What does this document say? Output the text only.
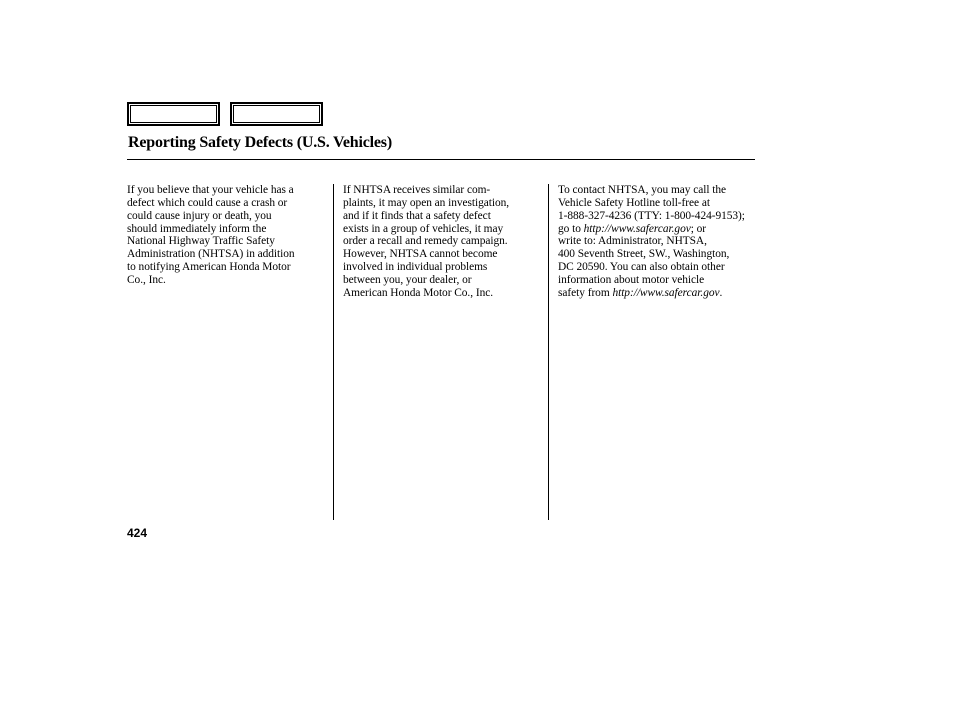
Reporting Safety Defects (U.S. Vehicles)
If you believe that your vehicle has a
defect which could cause a crash or
could cause injury or death, you
should immediately inform the
National Highway Traffic Safety
Administration (NHTSA) in addition
to notifying American Honda Motor
Co., Inc.
If NHTSA receives similar com-
plaints, it may open an investigation,
and if it finds that a safety defect
exists in a group of vehicles, it may
order a recall and remedy campaign.
However, NHTSA cannot become
involved in individual problems
between you, your dealer, or
American Honda Motor Co., Inc.
To contact NHTSA, you may call the
Vehicle Safety Hotline toll-free at
1-888-327-4236 (TTY: 1-800-424-9153);
go to http://www.safercar.gov; or
write to: Administrator, NHTSA,
400 Seventh Street, SW., Washington,
DC 20590. You can also obtain other
information about motor vehicle
safety from http://www.safercar.gov.
424
